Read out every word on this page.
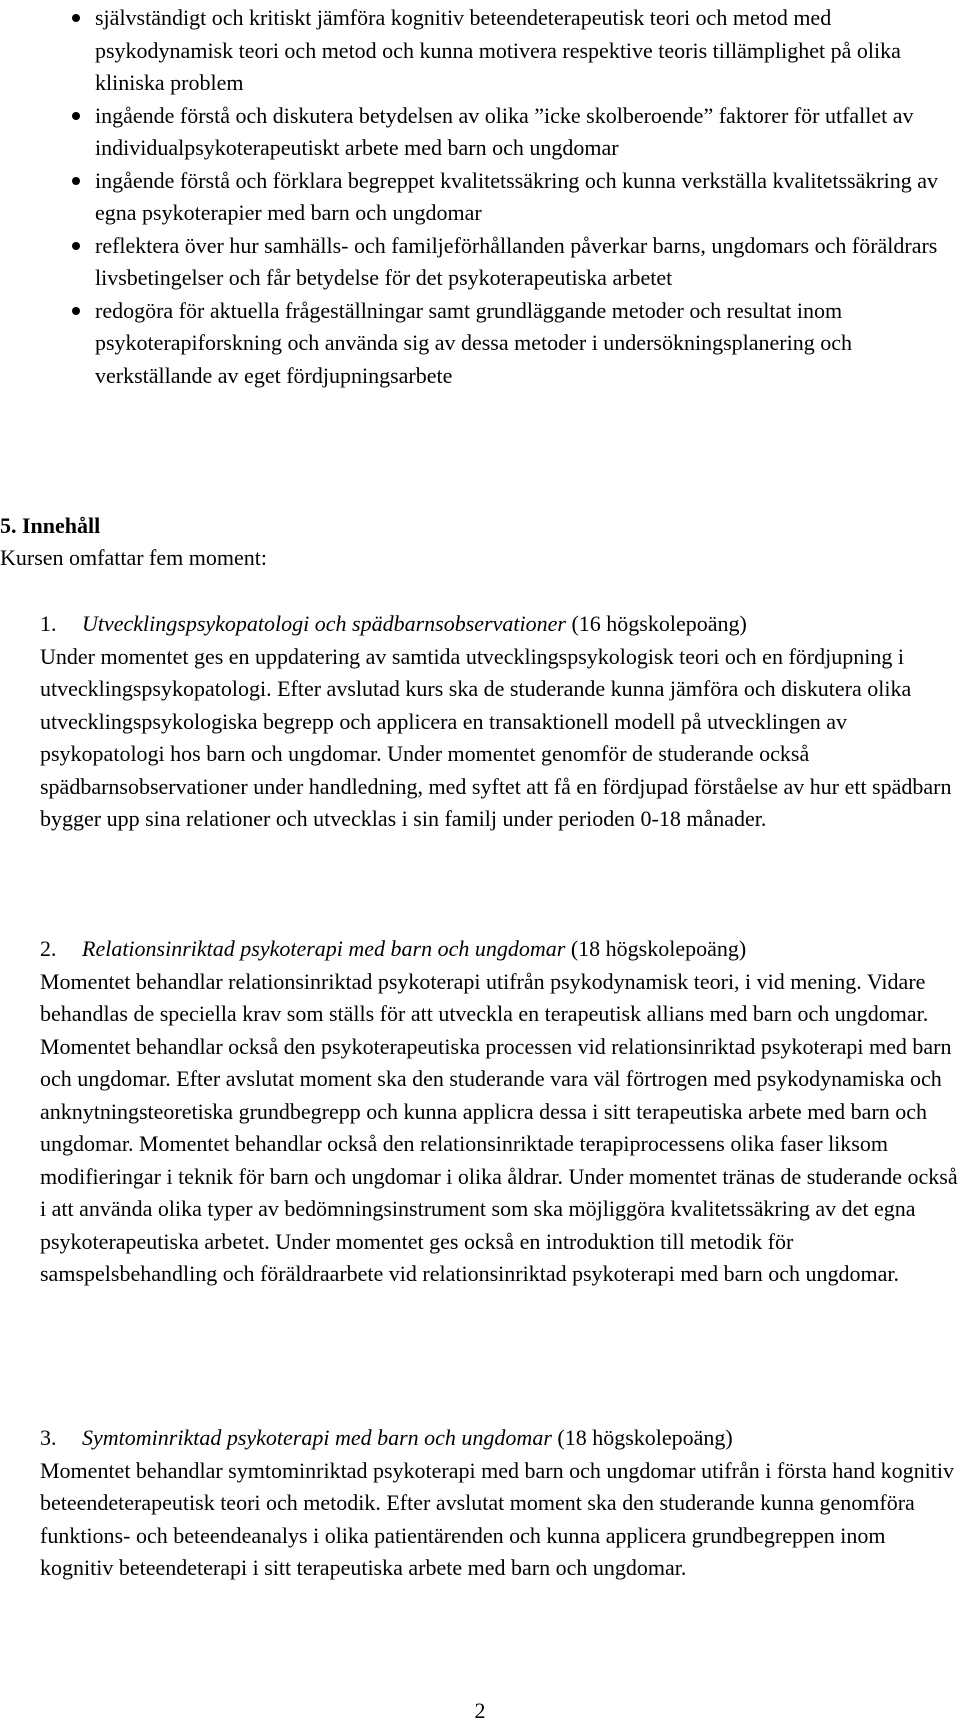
självständigt och kritiskt jämföra kognitiv beteendeterapeutisk teori och metod med psykodynamisk teori och metod och kunna motivera respektive teoris tillämplighet på olika kliniska problem
ingående förstå och diskutera betydelsen av olika ”icke skolberoende” faktorer för utfallet av individualpsykoterapeutiskt arbete med barn och ungdomar
ingående förstå och förklara begreppet kvalitetssäkring och kunna verkställa kvalitetssäkring av egna psykoterapier med barn och ungdomar
reflektera över hur samhälls- och familjeförhållanden påverkar barns, ungdomars och föräldrars livsbetingelser och får betydelse för det psykoterapeutiska arbetet
redogöra för aktuella frågeställningar samt grundläggande metoder och resultat inom psykoterapiforskning och använda sig av dessa metoder i undersökningsplanering och verkställande av eget fördjupningsarbete
5. Innehåll
Kursen omfattar fem moment:
1. Utvecklingspsykopatologi och spädbarnsobservationer (16 högskolepoäng)

Under momentet ges en uppdatering av samtida utvecklingspsykologisk teori och en fördjupning i utvecklingspsykopatologi. Efter avslutad kurs ska de studerande kunna jämföra och diskutera olika utvecklingspsykologiska begrepp och applicera en transaktionell modell på utvecklingen av psykopatologi hos barn och ungdomar. Under momentet genomför de studerande också spädbarnsobservationer under handledning, med syftet att få en fördjupad förståelse av hur ett spädbarn bygger upp sina relationer och utvecklas i sin familj under perioden 0-18 månader.

2. Relationsinriktad psykoterapi med barn och ungdomar (18 högskolepoäng)

Momentet behandlar relationsinriktad psykoterapi utifrån psykodynamisk teori, i vid mening. Vidare behandlas de speciella krav som ställs för att utveckla en terapeutisk allians med barn och ungdomar. Momentet behandlar också den psykoterapeutiska processen vid relationsinriktad psykoterapi med barn och ungdomar. Efter avslutat moment ska den studerande vara väl förtrogen med psykodynamiska och anknytningsteoretiska grundbegrepp och kunna applicra dessa i sitt terapeutiska arbete med barn och ungdomar. Momentet behandlar också den relationsinriktade terapiprocessens olika faser liksom modifieringar i teknik för barn och ungdomar i olika åldrar. Under momentet tränas de studerande också i att använda olika typer av bedömningsinstrument som ska möjliggöra kvalitetssäkring av det egna psykoterapeutiska arbetet. Under momentet ges också en introduktion till metodik för samspelsbehandling och föräldraarbete vid relationsinriktad psykoterapi med barn och ungdomar.

3. Symtominriktad psykoterapi med barn och ungdomar (18 högskolepoäng)

Momentet behandlar symtominriktad psykoterapi med barn och ungdomar utifrån i första hand kognitiv beteendeterapeutisk teori och metodik. Efter avslutat moment ska den studerande kunna genomföra funktions- och beteendeanalys i olika patientärenden och kunna applicera grundbegreppen inom kognitiv beteendeterapi i sitt terapeutiska arbete med barn och ungdomar.

2
